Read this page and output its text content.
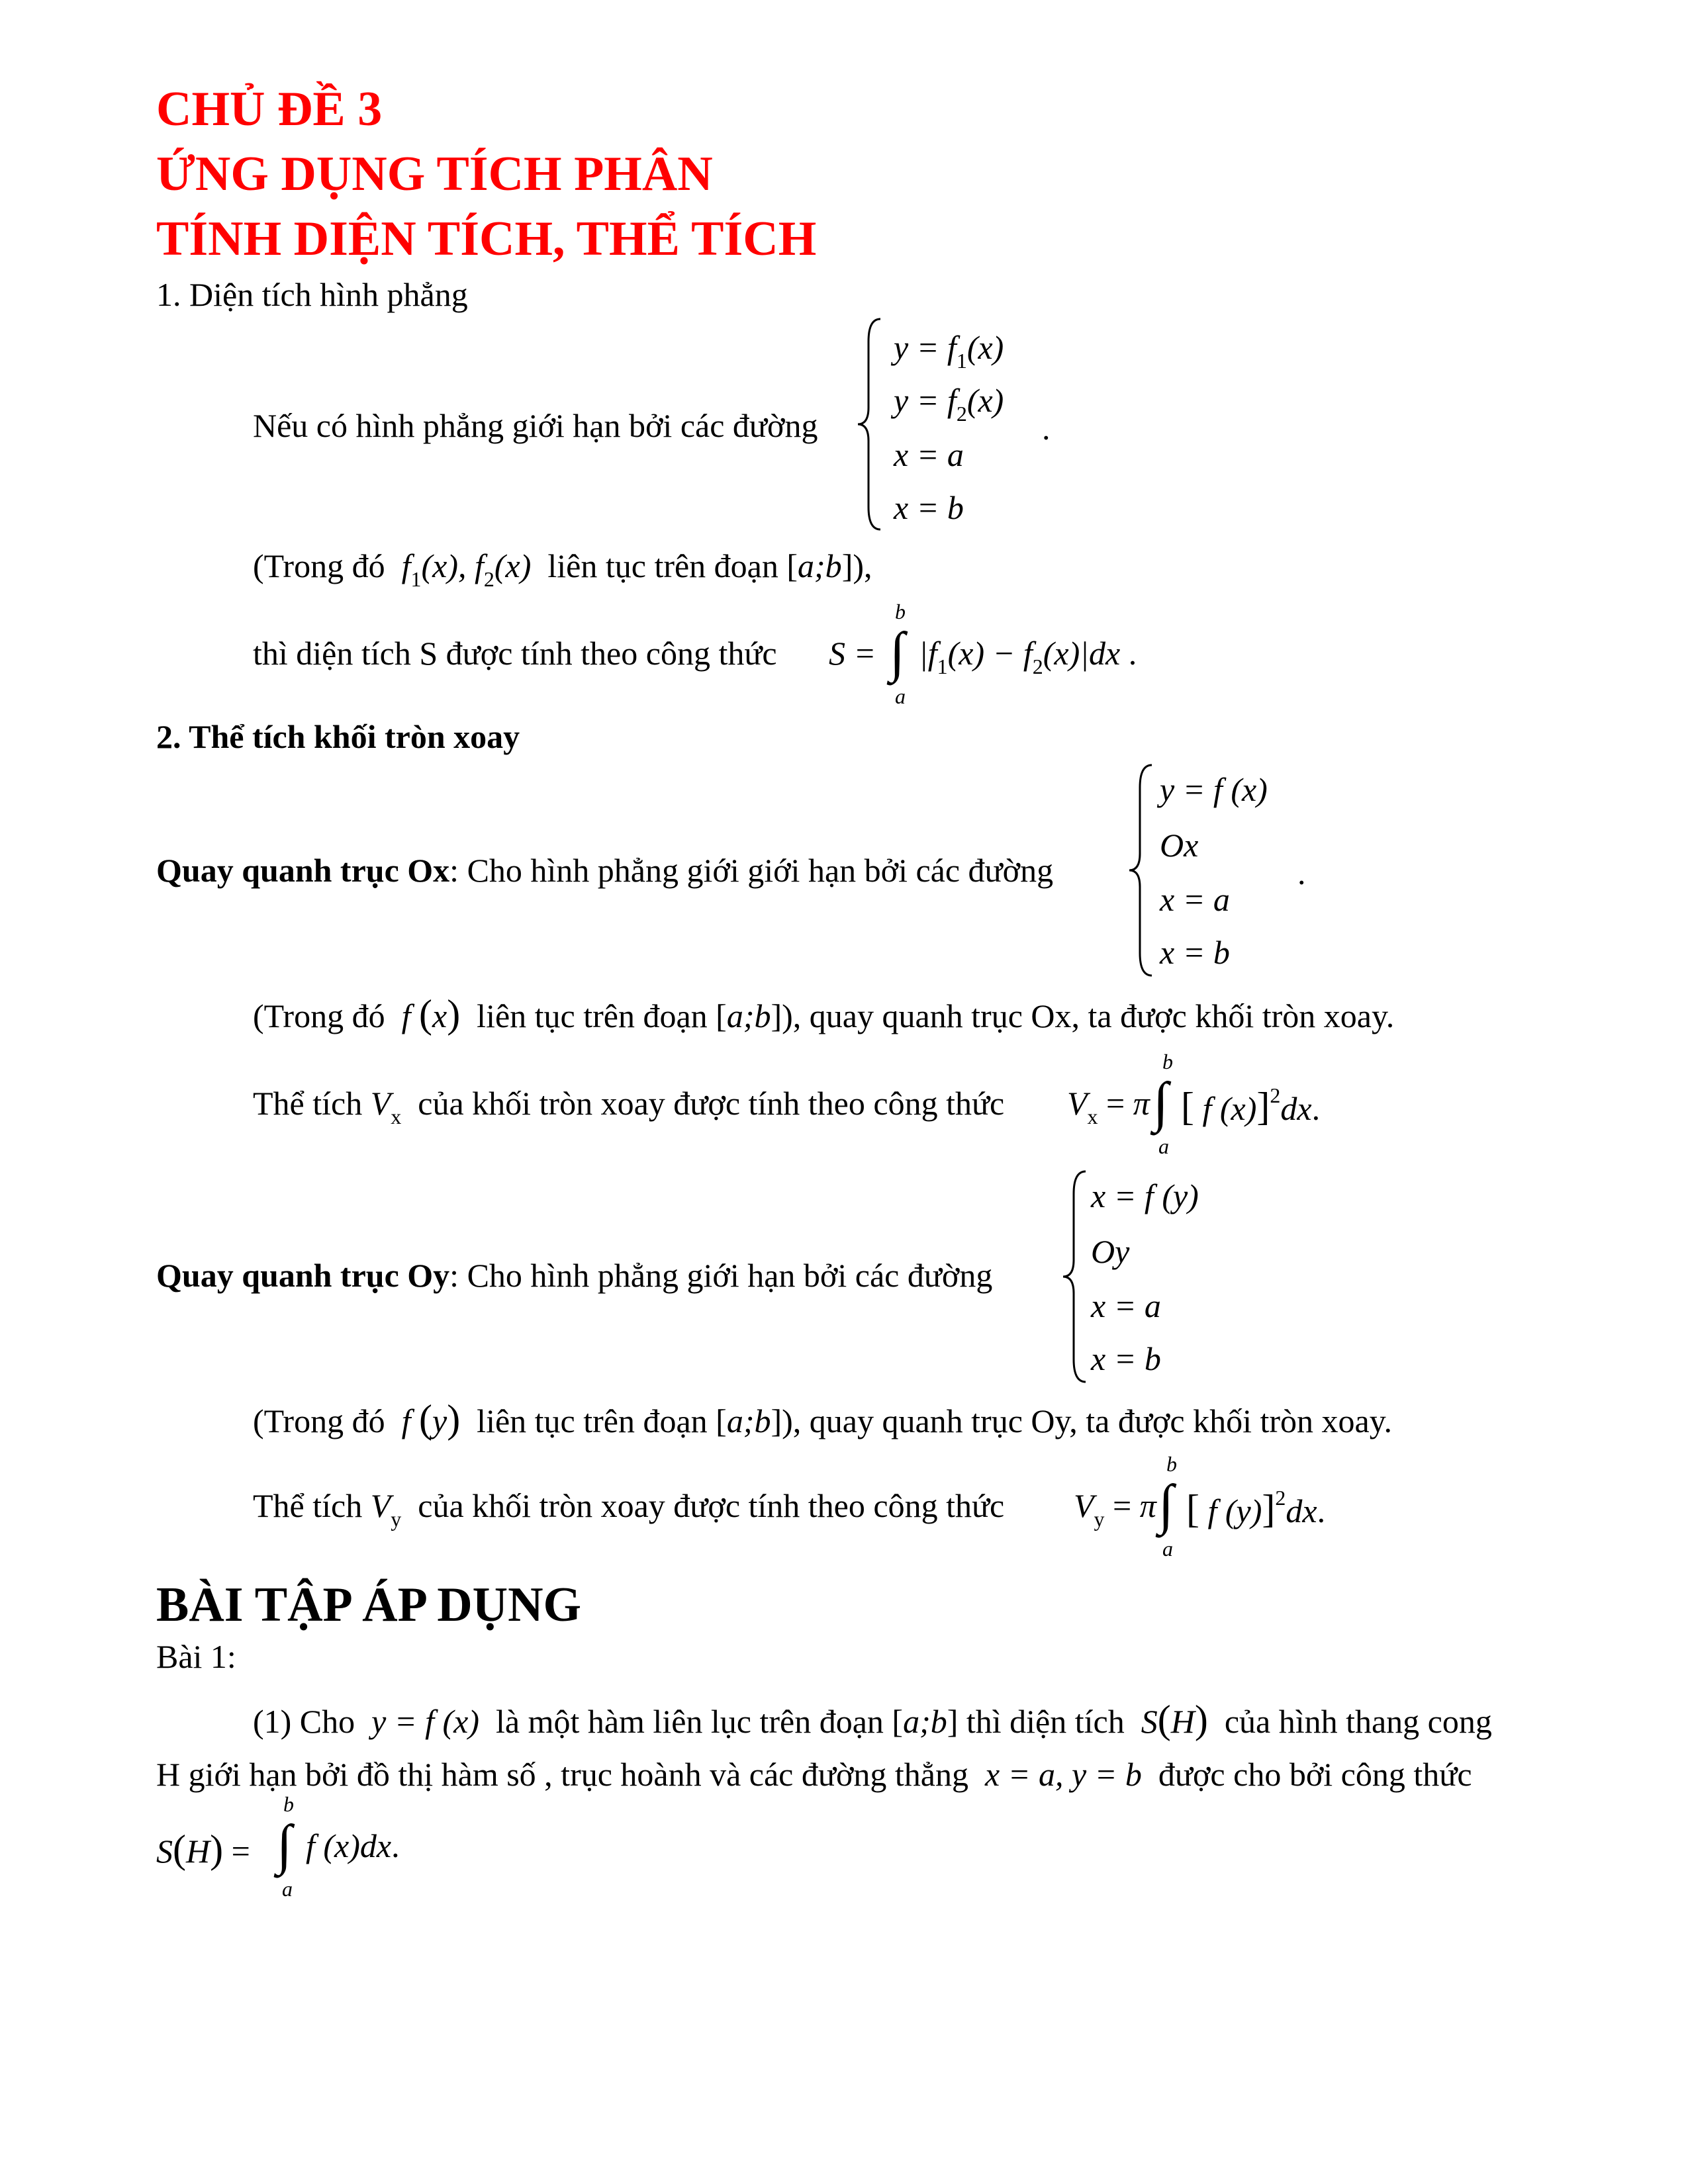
CHỦ ĐỀ 3
ỨNG DỤNG TÍCH PHÂN
TÍNH DIỆN TÍCH, THỂ TÍCH
1. Diện tích hình phẳng
Nếu có hình phẳng giới hạn bởi các đường
$y = f_1(x)$
$y = f_2(x)$
x = a
x = b
.
(Trong đó $f_1(x)$, $f_2(x)$ liên tục trên đoạn [a;b]),
thì diện tích S được tính theo công thức S = ∫
b
a
$|f_1(x) - f_2(x)|dx$ .
2. Thể tích khối tròn xoay
Quay quanh trục Ox: Cho hình phẳng giới giới hạn bởi các đường
y = f (x)
Ox
x = a
x = b
.
(Trong đó f (x) liên tục trên đoạn [a;b]), quay quanh trục Ox, ta được khối tròn xoay.
Thể tích $V_x$ của khối tròn xoay được tính theo công thức $V_x = \pi$ ∫
b
a
[ f (x)]$^2$dx.
Quay quanh trục Oy: Cho hình phẳng giới hạn bởi các đường
x = f (y)
Oy
x = a
x = b
(Trong đó f (y) liên tục trên đoạn [a;b]), quay quanh trục Oy, ta được khối tròn xoay.
Thể tích $V_y$ của khối tròn xoay được tính theo công thức $V_y = \pi$ ∫
b
a
[ f (y)]$^2$dx.
BÀI TẬP ÁP DỤNG
Bài 1:
(1) Cho y = f (x) là một hàm liên lục trên đoạn [a;b] thì diện tích S(H) của hình thang cong
H giới hạn bởi đồ thị hàm số , trục hoành và các đường thẳng x = a, y = b được cho bởi công thức
S(H) = ∫
b
a
f (x)dx.
